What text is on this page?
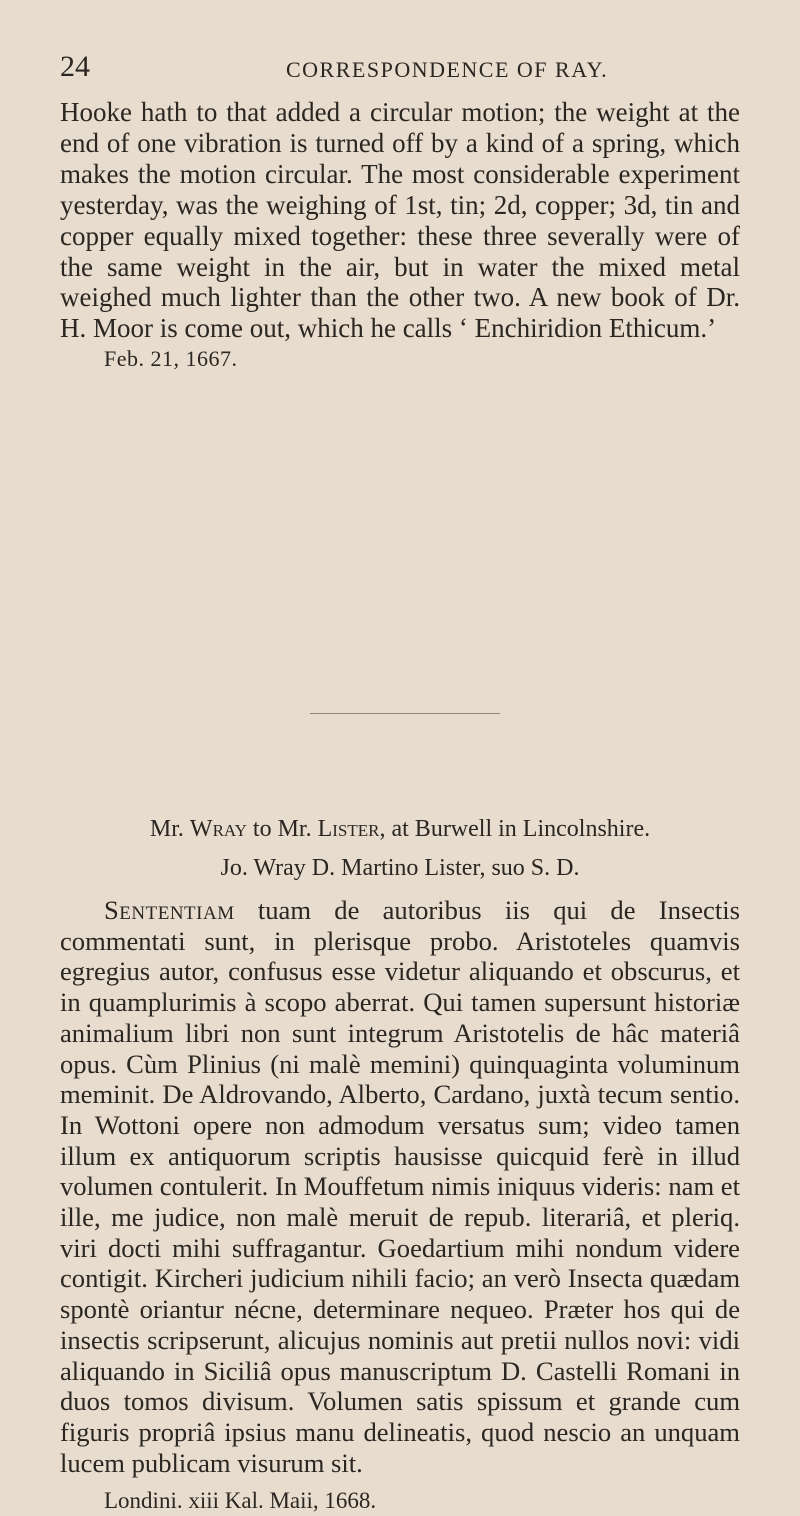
24	CORRESPONDENCE OF RAY.

Hooke hath to that added a circular motion; the weight at the end of one vibration is turned off by a kind of a spring, which makes the motion circular. The most considerable experiment yesterday, was the weighing of 1st, tin; 2d, copper; 3d, tin and copper equally mixed together: these three severally were of the same weight in the air, but in water the mixed metal weighed much lighter than the other two. A new book of Dr. H. Moor is come out, which he calls ‘ Enchiridion Ethicum.’

Feb. 21, 1667.

Mr. Wray to Mr. Lister, at Burwell in Lincolnshire.

Jo. Wray D. Martino Lister, suo S. D.

Sententiam tuam de autoribus iis qui de Insectis commentati sunt, in plerisque probo. Aristoteles quamvis egregius autor, confusus esse videtur aliquando et obscurus, et in quamplurimis à scopo aberrat. Qui tamen supersunt historiæ animalium libri non sunt integrum Aristotelis de hâc materiâ opus. Cùm Plinius (ni malè memini) quinquaginta voluminum meminit. De Aldrovando, Alberto, Cardano, juxtà tecum sentio. In Wottoni opere non admodum versatus sum; video tamen illum ex antiquorum scriptis hausisse quicquid ferè in illud volumen contulerit. In Mouffetum nimis iniquus videris: nam et ille, me judice, non malè meruit de repub. literariâ, et pleriq. viri docti mihi suffragantur. Goedartium mihi nondum videre contigit. Kircheri judicium nihili facio; an verò Insecta quædam spontè oriantur nécne, determinare nequeo. Præter hos qui de insectis scripserunt, alicujus nominis aut pretii nullos novi: vidi aliquando in Siciliâ opus manuscriptum D. Castelli Romani in duos tomos divisum. Volumen satis spissum et grande cum figuris propriâ ipsius manu delineatis, quod nescio an unquam lucem publicam visurum sit.

Londini. xiii Kal. Maii, 1668.
